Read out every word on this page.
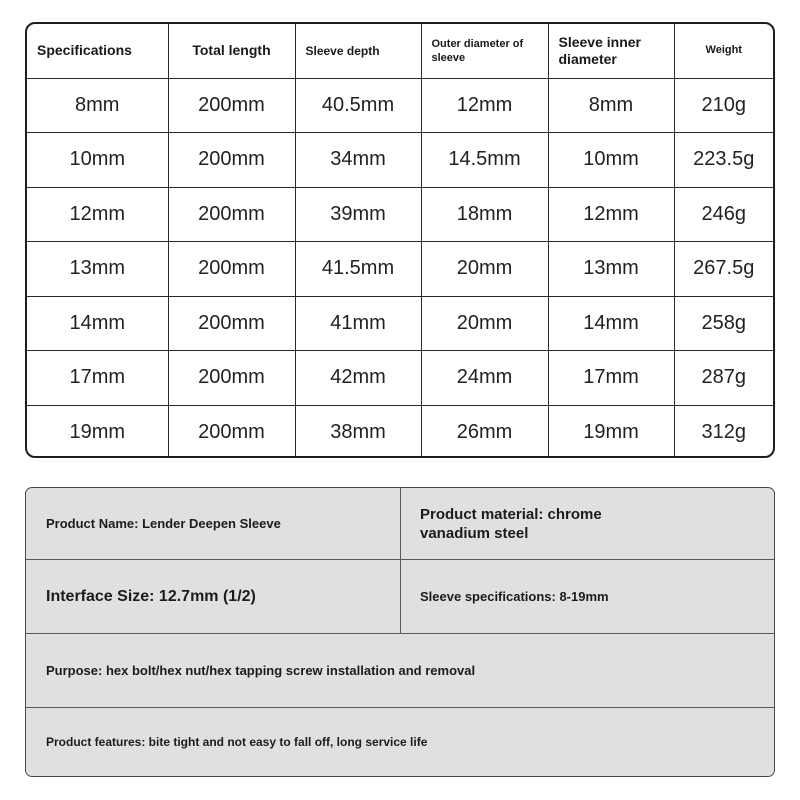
Specifications	Total length	Sleeve depth	Outer diameter of sleeve	Sleeve inner diameter	Weight
8mm	200mm	40.5mm	12mm	8mm	210g
10mm	200mm	34mm	14.5mm	10mm	223.5g
12mm	200mm	39mm	18mm	12mm	246g
13mm	200mm	41.5mm	20mm	13mm	267.5g
14mm	200mm	41mm	20mm	14mm	258g
17mm	200mm	42mm	24mm	17mm	287g
19mm	200mm	38mm	26mm	19mm	312g
Product Name: Lender Deepen Sleeve
Product material: chrome vanadium steel
Interface Size: 12.7mm (1/2)	Sleeve specifications: 8-19mm
Purpose: hex bolt/hex nut/hex tapping screw installation and removal
Product features: bite tight and not easy to fall off, long service life
